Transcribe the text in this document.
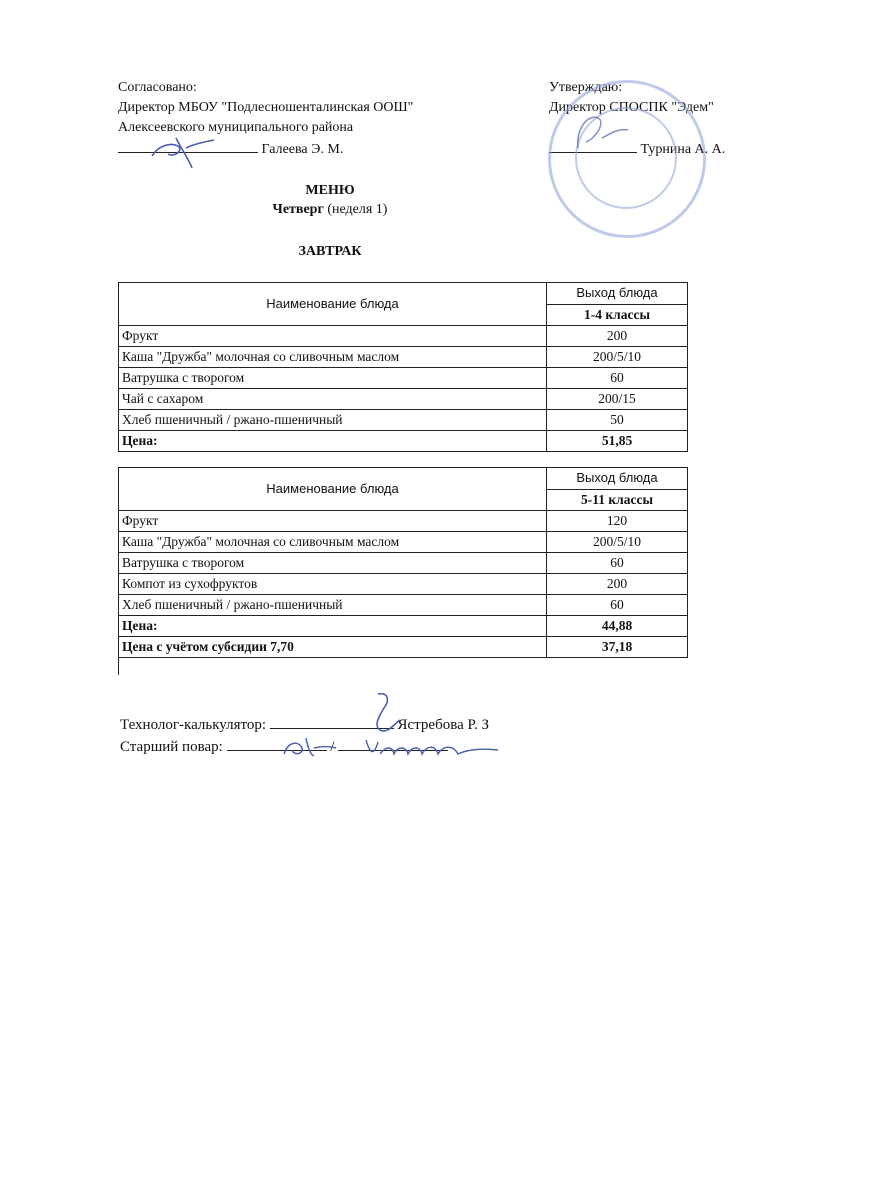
Согласовано:
Директор МБОУ "Подлесношенталинская ООШ"
Алексеевского муниципального района
Галеева Э. М.
Утверждаю:
Директор СПОСПК "Эдем"
Турнина А. А.
МЕНЮ
Четверг (неделя 1)
ЗАВТРАК
Наименование блюда	Выход блюда
	1-4 классы
Фрукт	200
Каша "Дружба" молочная со сливочным маслом	200/5/10
Ватрушка с творогом	60
Чай с сахаром	200/15
Хлеб пшеничный / ржано-пшеничный	50
Цена:	51,85
Наименование блюда	Выход блюда
	5-11 классы
Фрукт	120
Каша "Дружба" молочная со сливочным маслом	200/5/10
Ватрушка с творогом	60
Компот из сухофруктов	200
Хлеб пшеничный / ржано-пшеничный	60
Цена:	44,88
Цена с учётом субсидии 7,70	37,18
Технолог-калькулятор:	Ястребова Р. З
Старший повар:	/
